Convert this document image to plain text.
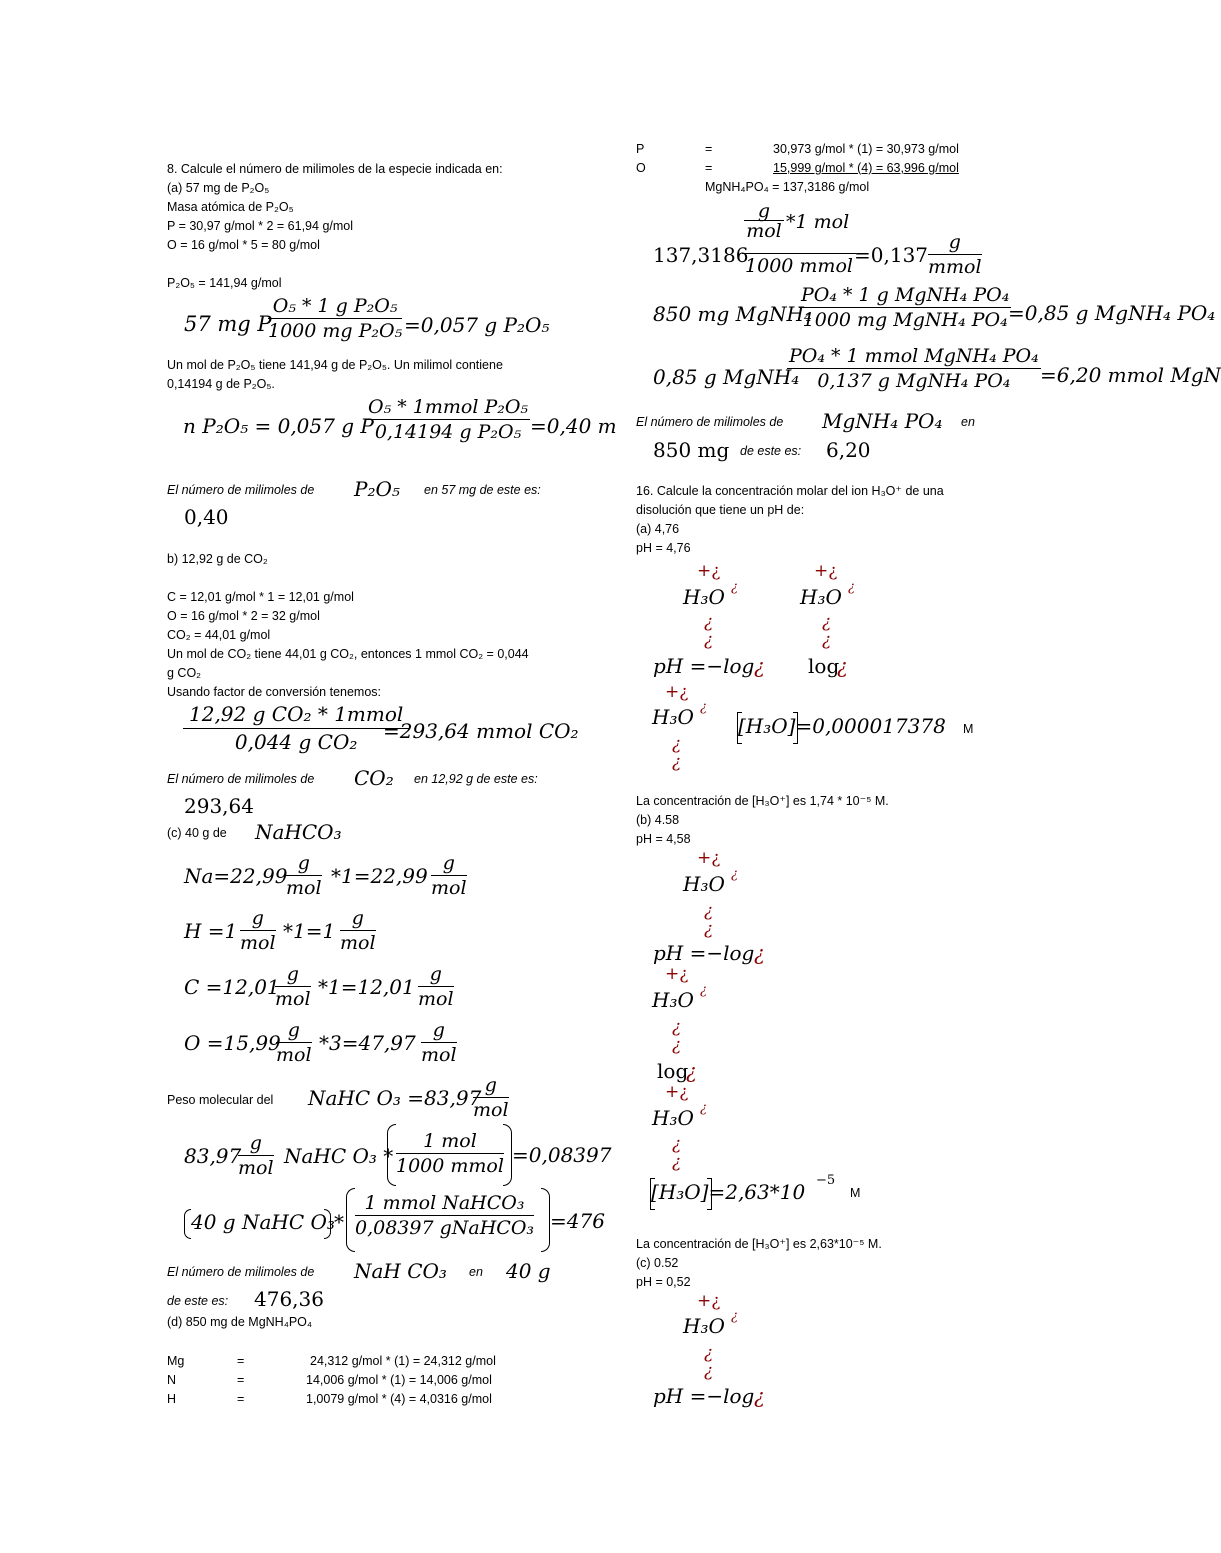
8. Calcule el número de milimoles de la especie indicada en:
(a) 57 mg de P₂O₅
Masa atómica de P₂O₅
P = 30,97 g/mol * 2 = 61,94 g/mol
O = 16 g/mol * 5 = 80 g/mol
P₂O₅ = 141,94 g/mol
57 mg P
$\frac{\text{O₅ * 1 g P₂O₅}}{\text{1000 mg P₂O₅}} =0,057$ g P₂O₅
Un mol de P₂O₅ tiene 141,94 g de P₂O₅. Un milimol contiene
0,14194 g de P₂O₅.
n P₂O₅ = 0,057 g P
O₅ * 1mmol P₂O₅
0,14194 g P₂O₅ =0,40 m
El número de milimoles de P₂O₅ en 57 mg de este es:
0,40
b) 12,92 g de CO₂
C = 12,01 g/mol * 1 = 12,01 g/mol
O = 16 g/mol * 2 = 32 g/mol
CO₂ = 44,01 g/mol
Un mol de CO₂ tiene 44,01 g CO₂, entonces 1 mmol CO₂ = 0,044
g CO₂
Usando factor de conversión tenemos:
12,92 g CO₂ * 1mmol
0,044 g CO₂	=293,64 mmol CO₂
El número de milimoles de CO₂ en 12,92 g de este es:
293,64
(c) 40 g de NaHCO₃
Na=22,99
g
mol *1=22,99
g
mol
H =1
g
mol *1=1
g
mol
C =12,01
g
mol *1=12,01
g
mol
O =15,99
g
mol *3=47,97
g
mol
Peso molecular del NaHC O₃ =83,97
g
mol
83,97
g
mol NaHC O₃ *
1 mol
1000 mmol =0,08397
40 g NaHC O₃ *
1 mmol NaHCO₃
0,08397 gNaHCO₃ =476
El número de milimoles de NaH CO₃ en 40 g
de este es: 476,36
(d) 850 mg de MgNH₄PO₄
Mg	=	24,312 g/mol * (1) = 24,312 g/mol
N	=	14,006 g/mol * (1) = 14,006 g/mol
H	=	1,0079 g/mol * (4) = 4,0316 g/mol
P	=	30,973 g/mol * (1) = 30,973 g/mol
O	=	15,999 g/mol * (4) = 63,996 g/mol
MgNH₄PO₄ = 137,3186 g/mol
137,3186
g
mol *1 mol
1000 mmol =0,137
g
mmol
850 mg MgNH₄
PO₄ * 1 g MgNH₄ PO₄
1000 mg MgNH₄ PO₄ =0,85 g MgNH₄ PO₄
0,85 g MgNH₄
PO₄ * 1 mmol MgNH₄ PO₄
0,137 g MgNH₄ PO₄	=6,20 mmol MgN
El número de milimoles de MgNH₄ PO₄ en
850 mg de este es: 6,20
16. Calcule la concentración molar del ion H₃O⁺ de una
disolución que tiene un pH de:
(a) 4,76
pH = 4,76
+¿
H₃O ¿
¿
¿
pH =−log ¿
+¿
H₃O ¿
¿
¿
log
¿
+¿
H₃O ¿
¿
¿
[H₃O]=0,000017378 M
La concentración de [H₃O⁺] es 1,74 * 10⁻⁵ M.
(b) 4.58
pH = 4,58
+¿
H₃O ¿
¿
¿
pH =−log ¿
+¿
H₃O ¿
¿
¿
log
¿
+¿
H₃O ¿
¿
¿
[H₃O]=2,63*10 −5
M
La concentración de [H₃O⁺] es 2,63*10⁻⁵ M.
(c) 0.52
pH = 0,52
+¿
H₃O ¿
¿
¿
pH =−log ¿
